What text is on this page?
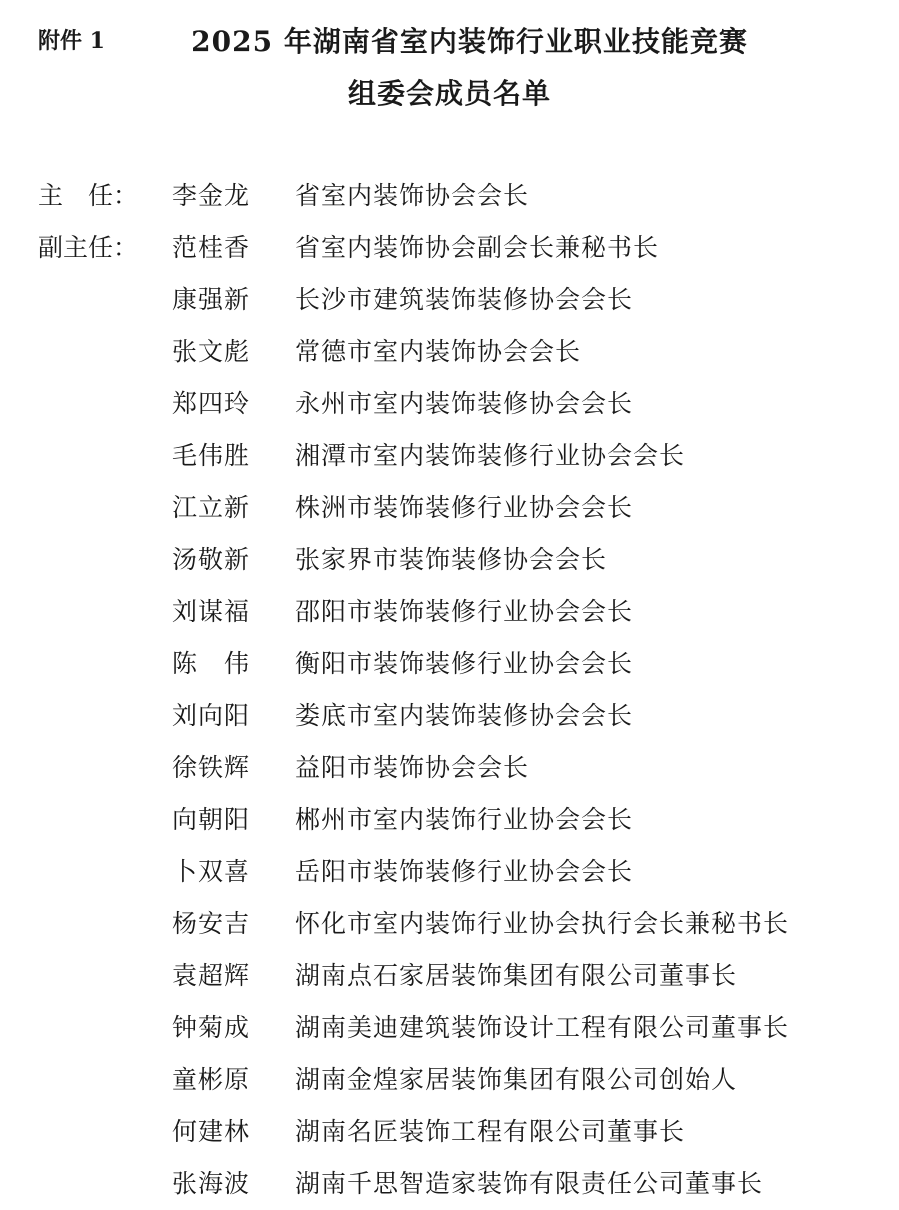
附件 1	2025 年湖南省室内装饰行业职业技能竞赛
组委会成员名单
主　任： 李金龙 省室内装饰协会会长
副主任： 范桂香 省室内装饰协会副会长兼秘书长
康强新 长沙市建筑装饰装修协会会长
张文彪 常德市室内装饰协会会长
郑四玲 永州市室内装饰装修协会会长
毛伟胜 湘潭市室内装饰装修行业协会会长
江立新 株洲市装饰装修行业协会会长
汤敬新 张家界市装饰装修协会会长
刘谋福 邵阳市装饰装修行业协会会长
陈　伟 衡阳市装饰装修行业协会会长
刘向阳 娄底市室内装饰装修协会会长
徐铁辉 益阳市装饰协会会长
向朝阳 郴州市室内装饰行业协会会长
卜双喜 岳阳市装饰装修行业协会会长
杨安吉 怀化市室内装饰行业协会执行会长兼秘书长
袁超辉 湖南点石家居装饰集团有限公司董事长
钟菊成 湖南美迪建筑装饰设计工程有限公司董事长
童彬原 湖南金煌家居装饰集团有限公司创始人
何建林 湖南名匠装饰工程有限公司董事长
张海波 湖南千思智造家装饰有限责任公司董事长
